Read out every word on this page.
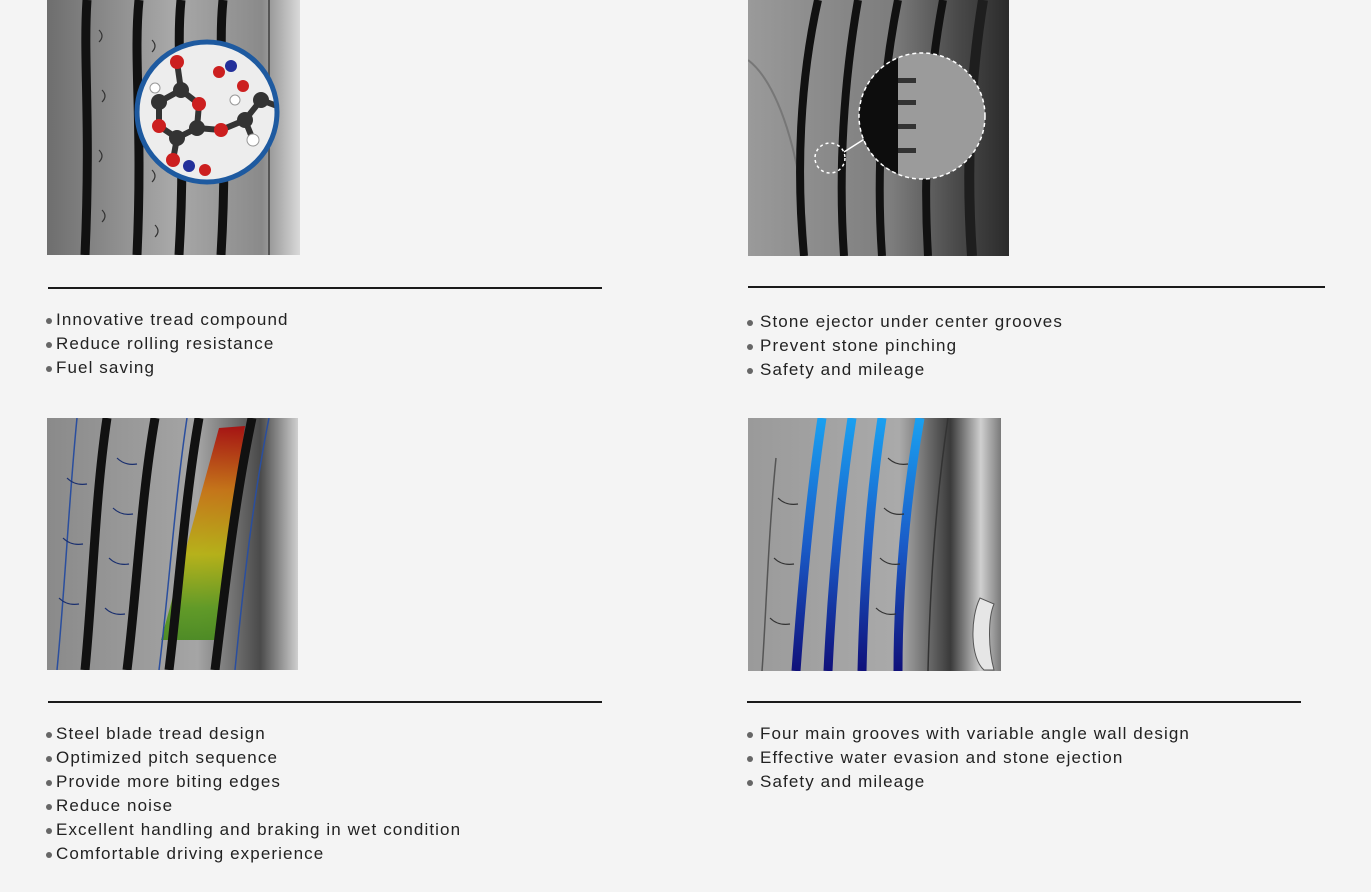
Innovative tread compound
Reduce rolling resistance
Fuel saving
Stone ejector under center grooves
Prevent stone pinching
Safety and mileage
Steel blade tread design
Optimized pitch sequence
Provide more biting edges
Reduce noise
Excellent handling and braking in wet condition
Comfortable driving experience
Four main grooves with variable angle wall design
Effective water evasion and stone ejection
Safety and mileage
